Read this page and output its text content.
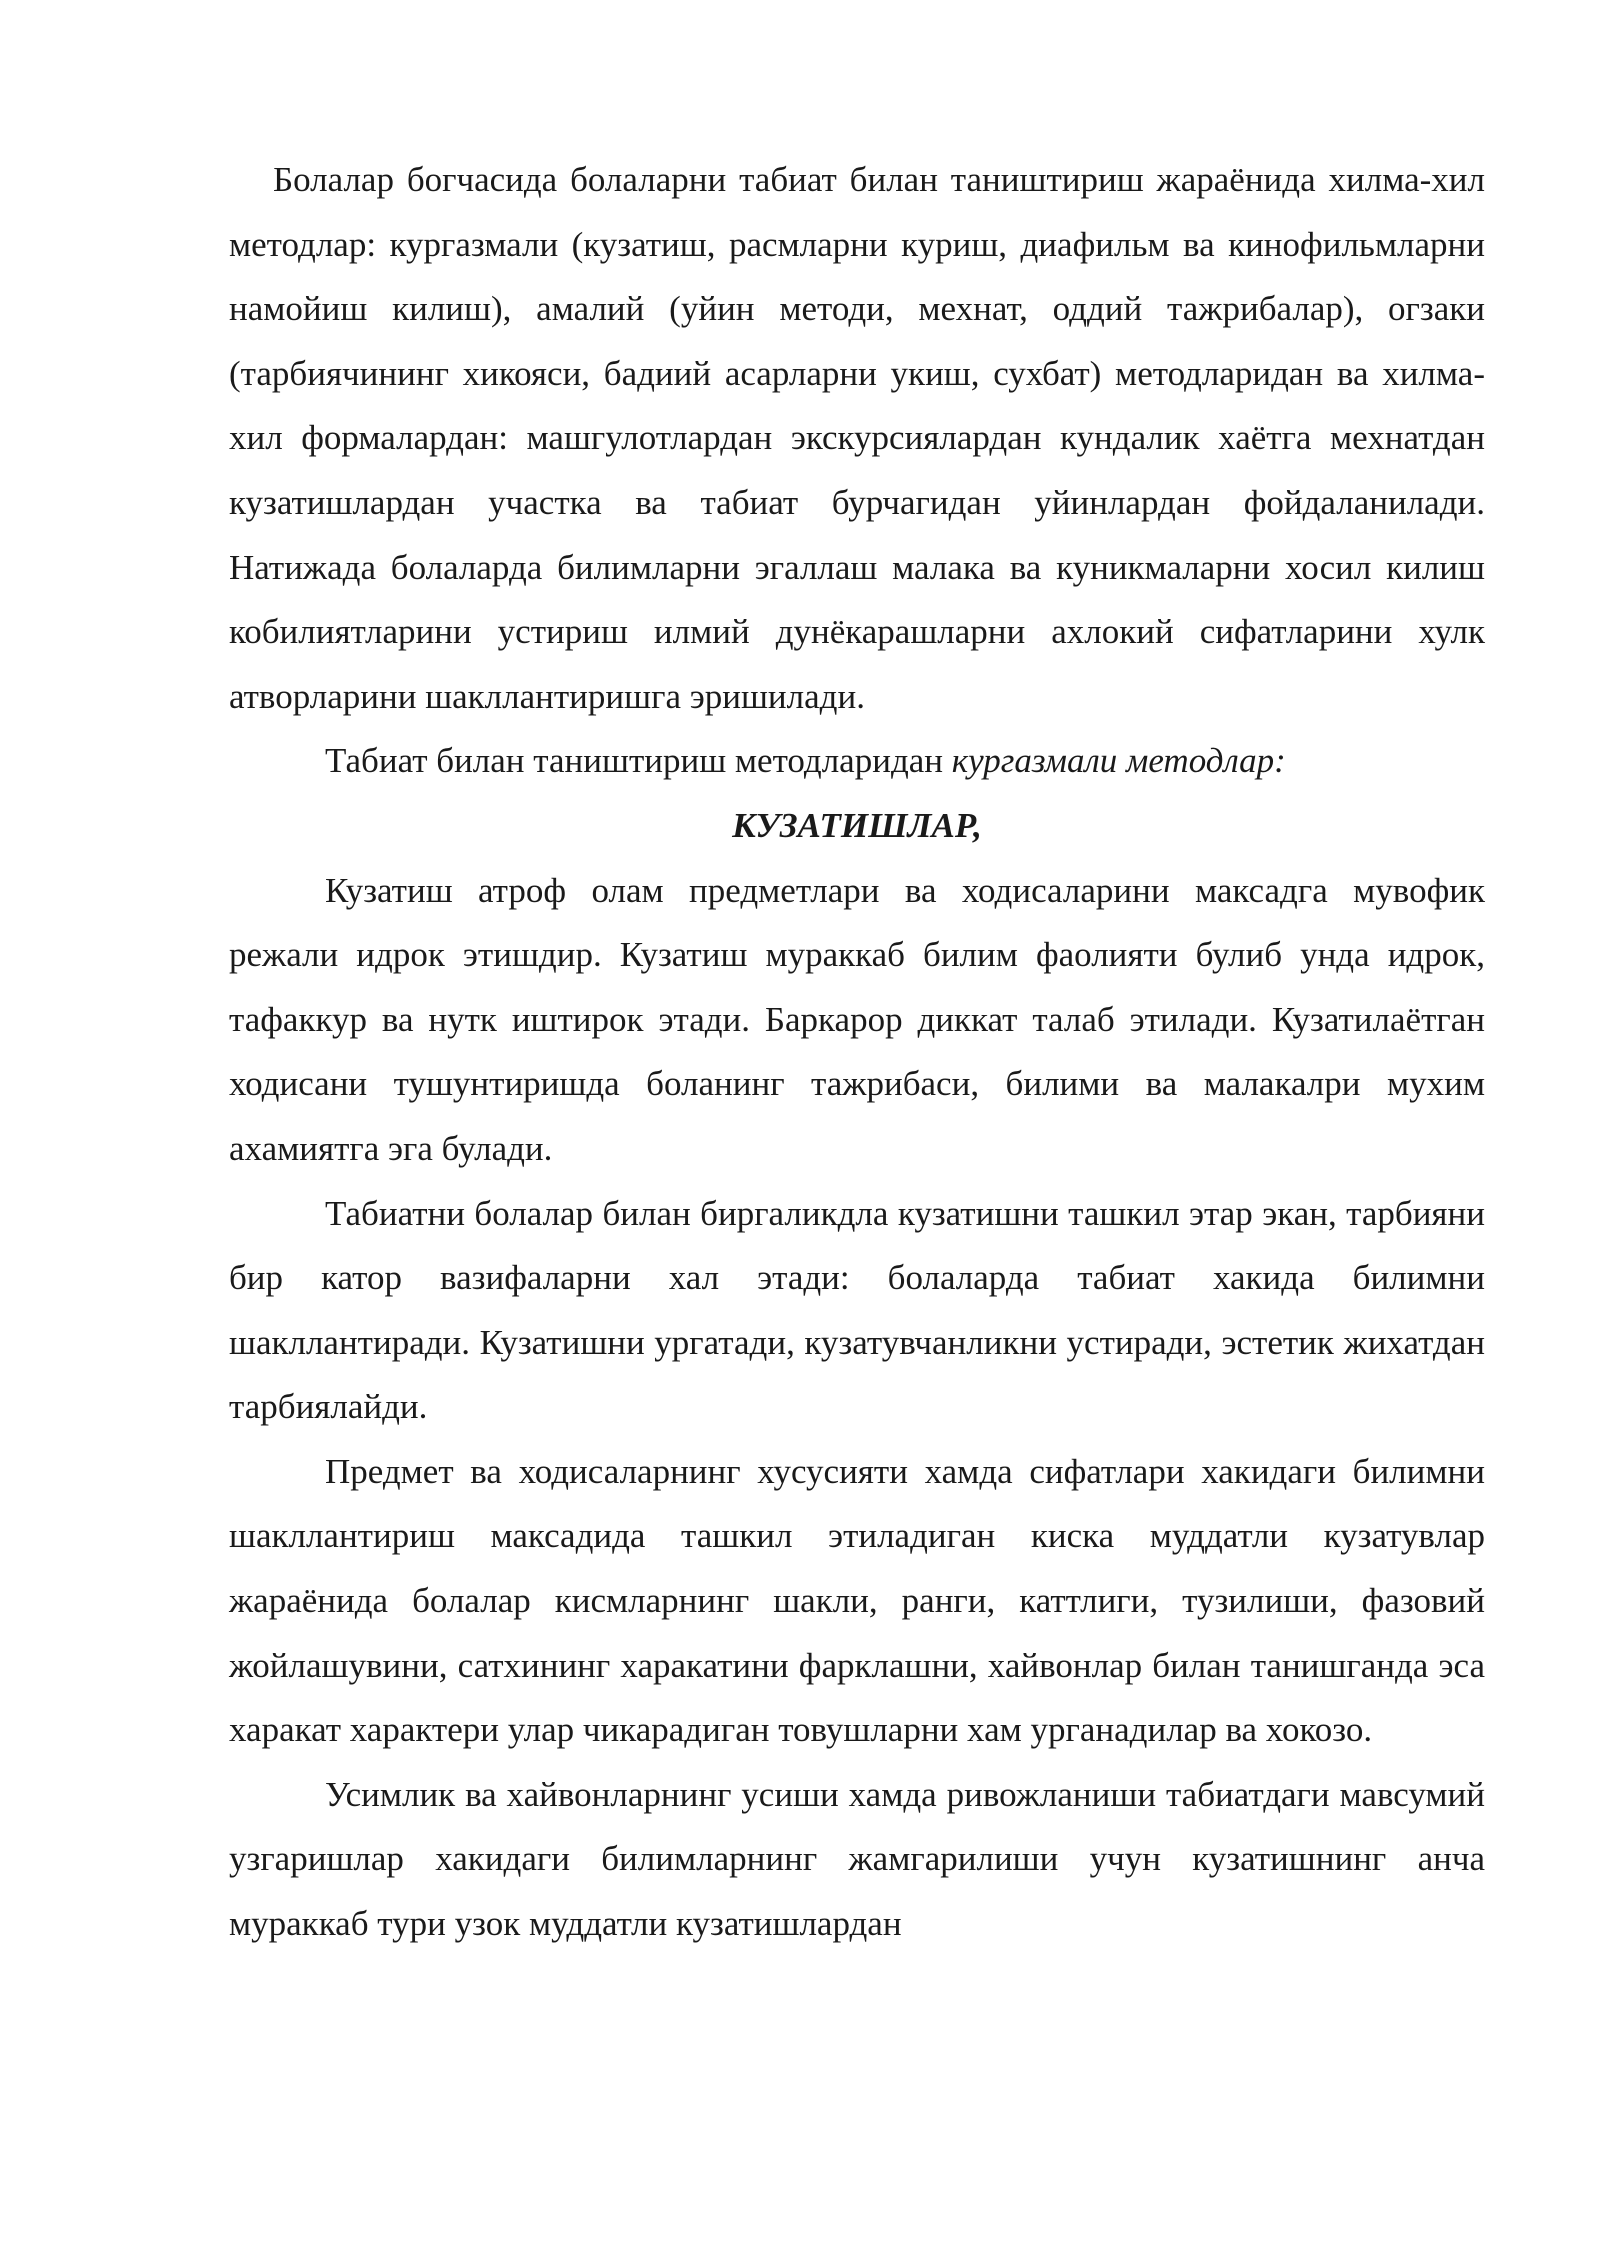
Болалар богчасида болаларни табиат билан таништириш жараёнида хилма-хил методлар: кургазмали (кузатиш, расмларни куриш, диафильм ва кинофильмларни намойиш килиш), амалий (уйин методи, мехнат, оддий тажрибалар), огзаки (тарбиячининг хикояси, бадиий асарларни укиш, сухбат) методларидан ва хилма-хил формалардан: машгулотлардан экскурсиялардан кундалик хаётга мехнатдан кузатишлардан участка ва табиат бурчагидан уйинлардан фойдаланилади. Натижада болаларда билимларни эгаллаш малака ва куникмаларни хосил килиш кобилиятларини устириш илмий дунёкарашларни ахлокий сифатларини хулк атворларини шакллантиришга эришилади.

Табиат билан таништириш методларидан кургазмали методлар:

КУЗАТИШЛАР,

Кузатиш атроф олам предметлари ва ходисаларини максадга мувофик режали идрок этишдир. Кузатиш мураккаб билим фаолияти булиб унда идрок, тафаккур ва нутк иштирок этади. Баркарор диккат талаб этилади. Кузатилаётган ходисани тушунтиришда боланинг тажрибаси, билими ва малакалри мухим ахамиятга эга булади.

Табиатни болалар билан биргаликдла кузатишни ташкил этар экан, тарбияни бир катор вазифаларни хал этади: болаларда табиат хакида билимни шакллантиради. Кузатишни ургатади, кузатувчанликни устиради, эстетик жихатдан тарбиялайди.

Предмет ва ходисаларнинг хусусияти хамда сифатлари хакидаги билимни шакллантириш максадида ташкил этиладиган киска муддатли кузатувлар жараёнида болалар кисмларнинг шакли, ранги, каттлиги, тузилиши, фазовий жойлашувини, сатхининг харакатини фарклашни, хайвонлар билан танишганда эса харакат характери улар чикарадиган товушларни хам урганадилар ва хокозо.

Усимлик ва хайвонларнинг усиши хамда ривожланиши табиатдаги мавсумий узгаришлар хакидаги билимларнинг жамгарилиши учун кузатишнинг анча мураккаб тури узок муддатли кузатишлардан
